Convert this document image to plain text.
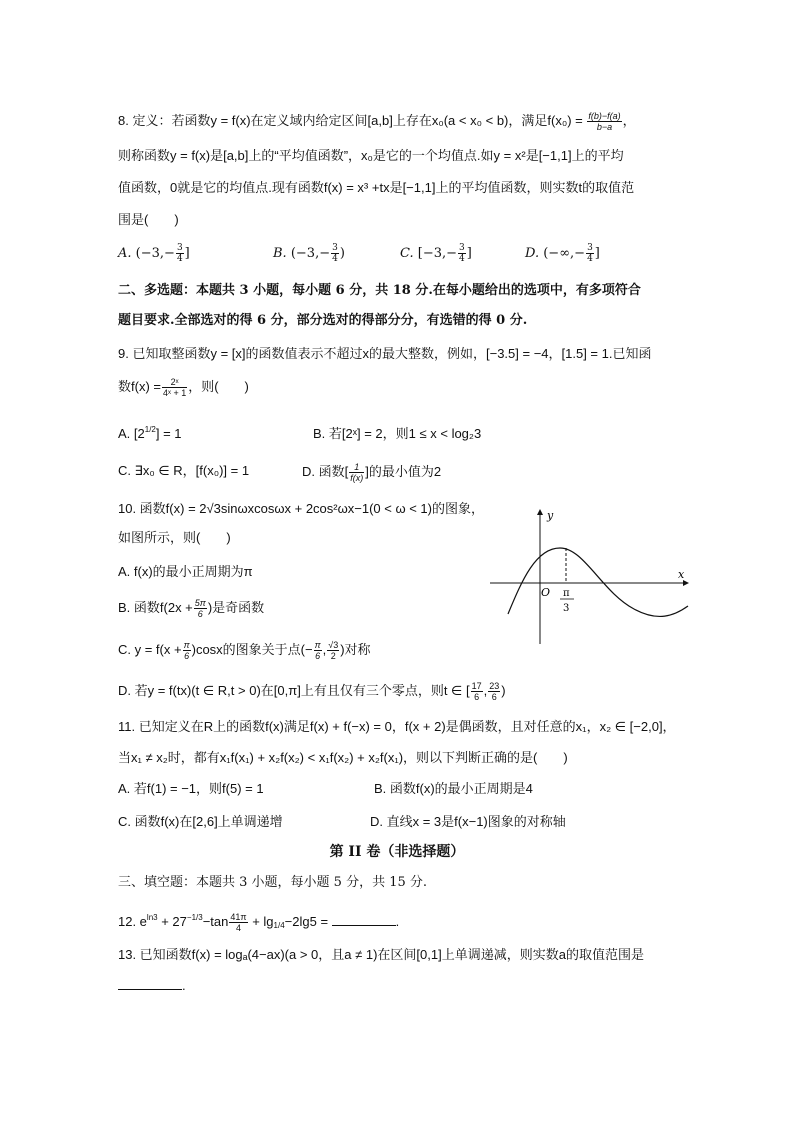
8. 定义：若函数y = f(x)在定义域内给定区间[a,b]上存在x₀(a < x₀ < b)，满足$f(x_0) = \frac{f(b)-f(a)}{b-a}$ ，
则称函数y = f(x)是[a,b]上的“平均值函数”，x₀是它的一个均值点.如y = x²是[−1,1]上的平均
值函数，0就是它的均值点.现有函数f(x) = x³ +tx是[−1,1]上的平均值函数，则实数t的取值范
围是(　　)
A. ($-3,- \frac{3}{4}$ ]	B. ($-3,- \frac{3}{4}$ )	C. [$-3,- \frac{3}{4}$ ]	D. (−∞,− $\frac{3}{4}$ ]
二、多选题：本题共 3 小题，每小题 6 分，共 18 分.在每小题给出的选项中，有多项符合
题目要求.全部选对的得 6 分，部分选对的得部分分，有选错的得 0 分.
9. 已知取整函数y = [x]的函数值表示不超过x的最大整数，例如，[−3.5] = −4，[1.5] = 1.已知函
数$f(x) = \frac{\text{2ˣ}}{\text{4ˣ + 1}}$ ，则(　　)
A. $[2^{1/2}] = 1$	B. 若[2ˣ] = 2，则1 ≤ x < log₂3
C. ∃x₀ ∈ R，[f(x₀)] = 1	D. 函数[ $\frac{1}{f(x)}$ ]的最小值为2
10. 函数f(x) = 2√3sinωxcosωx + 2cos²ωx−1(0 < ω < 1)的图象，
如图所示，则(　　)
A. f(x)的最小正周期为π
B. 函数$f(2x + \frac{5\pi}{6}$ )是奇函数
C. $y = f(x + \frac{\pi}{6} )\cos x$的图象关于点(− $\frac{\pi}{6}$ , $\frac{√3}{2}$ )对称
D. 若y = f(tx)(t ∈ R,t > 0)在[0,π]上有且仅有三个零点，则t ∈ [ $\frac{17}{6}$ , $\frac{23}{6}$ )
y
x
O π
3
11. 已知定义在R上的函数f(x)满足f(x) + f(−x) = 0，f(x + 2)是偶函数，且对任意的x₁，x₂ ∈ [−2,0]，
当x₁ ≠ x₂时，都有x₁f(x₁) + x₂f(x₂) < x₁f(x₂) + x₂f(x₁)，则以下判断正确的是(　　)
A. 若f(1) = −1，则f(5) = 1	B. 函数f(x)的最小正周期是4
C. 函数f(x)在[2,6]上单调递增	D. 直线x = 3是f(x−1)图象的对称轴
第 II 卷（非选择题）
三、填空题：本题共 3 小题，每小题 5 分，共 15 分.
12. $e^{ln3} + 27^{-1/3}-\tan \frac{41\pi}{4} + \lg_{1/4}-2\lg 5$ =	.
13. 已知函数f(x) = logₐ(4−ax)(a > 0，且a ≠ 1)在区间[0,1]上单调递减，则实数a的取值范围是
.
